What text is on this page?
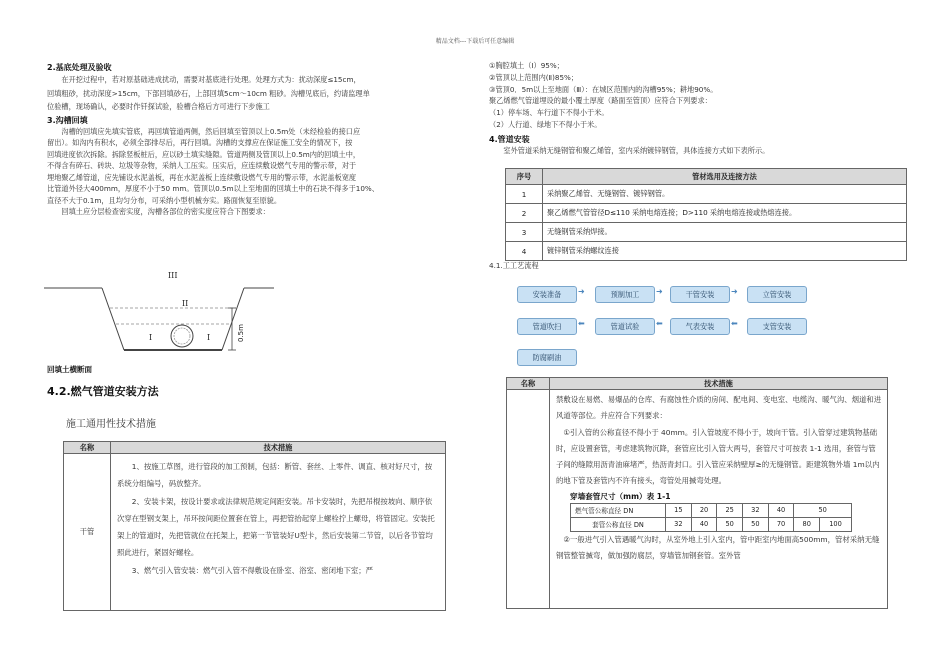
精品文档---下载后可任意编辑

2.基底处理及验收

在开挖过程中，若对原基础进成扰动，需要对基底进行处理。处理方式为：扰动深度≤15cm，

回填粗砂，扰动深度>15cm，下部回填砂石，上部回填5cm～10cm 粗砂。沟槽见底后，约请监理单

位验槽，现场确认，必要时作钎探试验，验槽合格后方可进行下步施工

3.沟槽回填

沟槽的回填应先填实管底，再回填管道两侧，然后回填至管顶以上0.5m处（未经检验的接口应

留出）。如沟内有积水，必须全部排尽后，再行回填。沟槽的支撑应在保证施工安全的情况下，按

回填进度依次拆除。拆除竖板桩后，应以砂土填实缝隙。管道两侧及管顶以上0.5m内的回填土中，

不得含有碎石、砖块、垃圾等杂物，采纳人工压实。压实后，应连续敷设燃气专用的警示带，对于

埋地聚乙烯管道，应先铺设水泥盖板，再在水泥盖板上连续敷设燃气专用的警示带，水泥盖板宽度

比管道外径大400mm，厚度不小于50 mm。管顶以0.5m以上至地面的回填土中的石块不得多于10%、

直径不大于0.1m，且均匀分布，可采纳小型机械夯实。路面恢复至原貌。

回填土应分层检查密实度，沟槽各部位的密实度应符合下图要求：

III
II
I	I	0.5m

回填土横断面

4.2.燃气管道安装方法

施工通用性技术措施

名称	技术措施
干管	1、按施工草图，进行管段的加工预制，包括：断管、套丝、上零件、调直、核对好尺寸，按系统分组编号，码放整齐。

2、安装卡架，按设计要求或法律规范规定间距安装。吊卡安装时，先把吊棍按坡向、顺序依次穿在型钢支架上，吊环按间距位置套在管上，再把管抬起穿上螺栓拧上螺母，将管固定。安装托架上的管道时，先把管就位在托架上，把第一节管装好U型卡，然后安装第二节管，以后各节管均照此进行，紧固好螺栓。

3、燃气引入管安装：燃气引入管不得敷设在卧室、浴室、密闭地下室；严

①胸腔填土（Ⅰ）95%；

②管顶以上范围内(Ⅱ)85%；

③管顶0．5m以上至地面（Ⅲ）：在城区范围内的沟槽95%；耕地90%。

聚乙烯燃气管道埋设的最小覆土厚度（路面至管顶）应符合下列要求：

（1）停车场、车行道下不得小于米。

（2）人行道、绿地下不得小于米。

4.管道安装

室外管道采纳无缝钢管和聚乙烯管，室内采纳镀锌钢管，具体连接方式如下表所示。

序号	管材选用及连接方法
1	采纳聚乙烯管、无缝钢管、镀锌钢管。
2	聚乙烯燃气管管径D≤110 采纳电熔连接；D>110 采纳电熔连接或热熔连接。
3	无缝钢管采纳焊接。
4	镀锌钢管采纳螺纹连接

4.1.工工艺流程

安装准备	➜	预制加工	➜	干管安装	➜	立管安装
管道吹扫	⬅	管道试验	⬅	气表安装	⬅	支管安装
防腐刷油
名称	技术措施

禁敷设在易燃、易爆品的仓库、有腐蚀性介质的房间、配电间、变电室、电缆沟、暖气沟、烟道和进风道等部位。并应符合下列要求：

①引入管的公称直径不得小于 40mm。引入管坡度不得小于，坡向干管。引入管穿过建筑物基础时，应设置套管，考虑建筑物沉降，套管应比引入管大两号，套管尺寸可按表 1-1 选用，套管与管子间的缝隙用沥青油麻堵严，热沥青封口。引入管应采纳壁厚≥的无缝钢管。距建筑物外墙 1m以内的地下管及套管内不许有接头，弯管处用揻弯处理。

穿墙套管尺寸（mm）表 1-1

燃气管公称直径 DN	15	20	25	32	40	50
套管公称直径 DN	32	40	50	50	70	80	100

②一般进气引入管遇暖气沟时，从室外地上引入室内，管中距室内地面高500mm，管材采纳无缝钢管整管揻弯，做加强防腐层，穿墙管加钢套管。室外管
